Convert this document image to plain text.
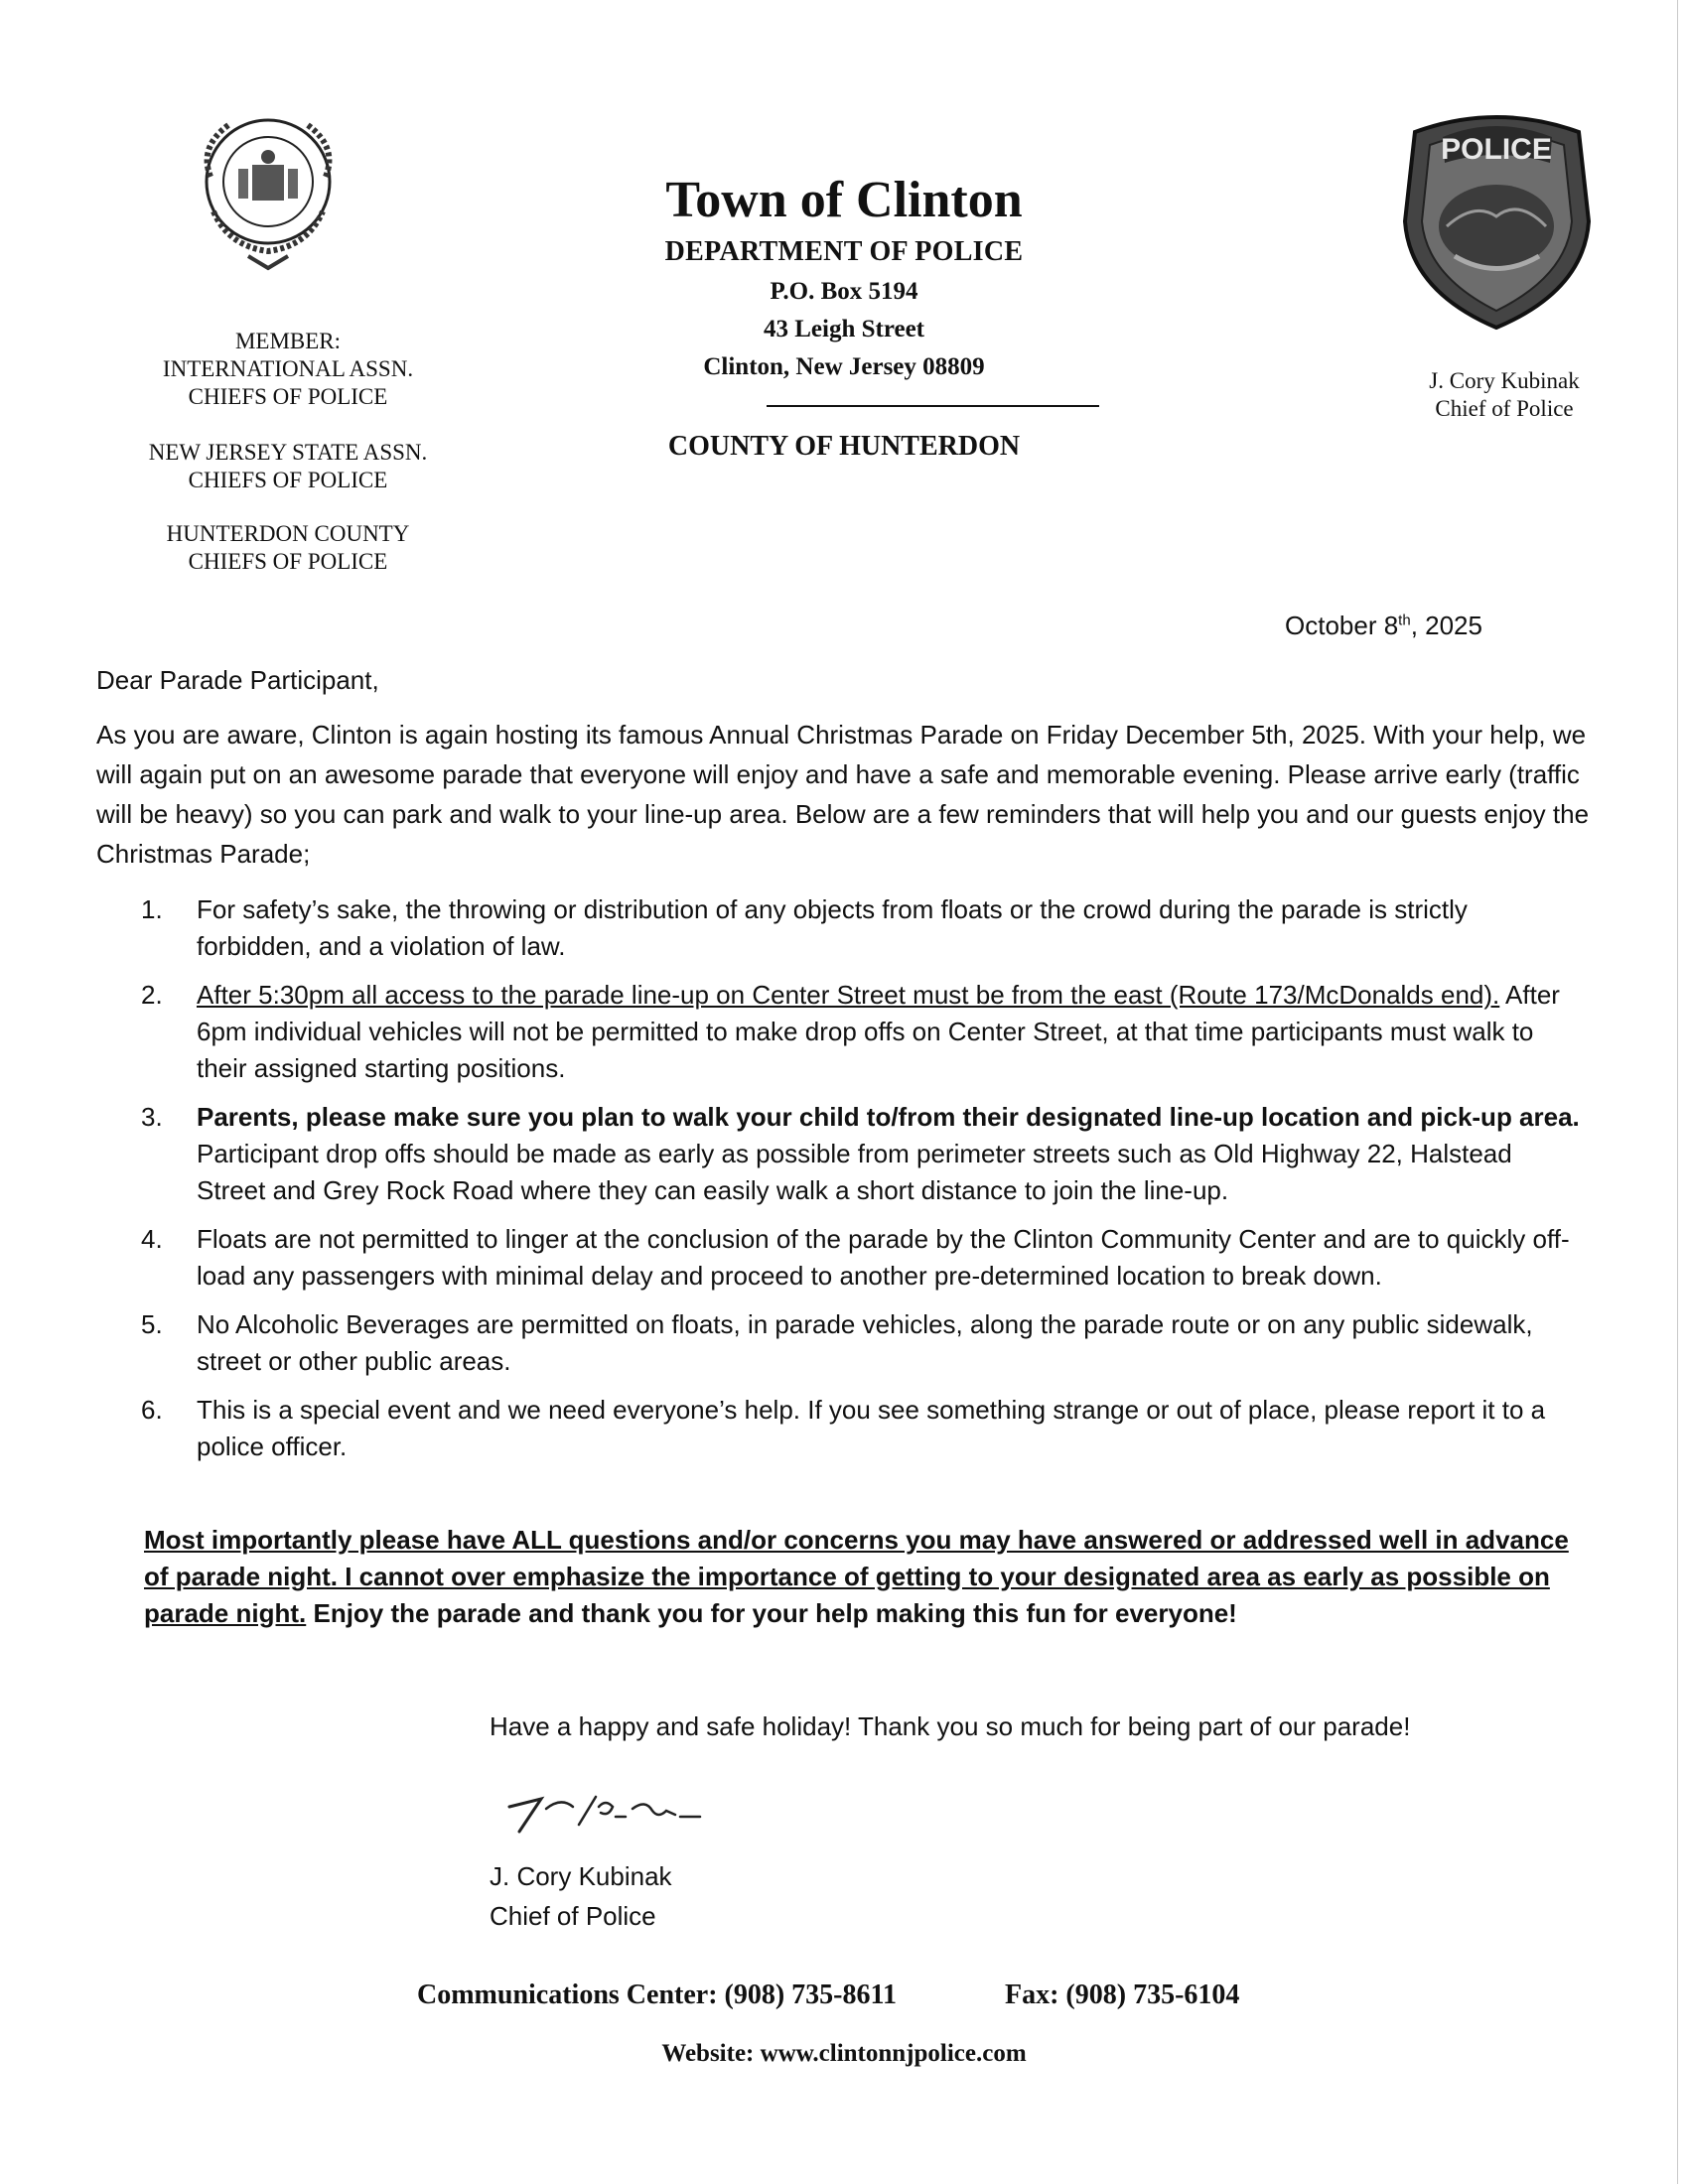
POLICE
Town of Clinton
DEPARTMENT OF POLICE
P.O. Box 5194
43 Leigh Street
Clinton, New Jersey 08809
COUNTY OF HUNTERDON
MEMBER:
INTERNATIONAL ASSN.
CHIEFS OF POLICE
NEW JERSEY STATE ASSN.
CHIEFS OF POLICE
HUNTERDON COUNTY
CHIEFS OF POLICE
J. Cory Kubinak
Chief of Police
October 8th, 2025
Dear Parade Participant,
As you are aware, Clinton is again hosting its famous Annual Christmas Parade on Friday December 5th, 2025. With your help, we will again put on an awesome parade that everyone will enjoy and have a safe and memorable evening. Please arrive early (traffic will be heavy) so you can park and walk to your line-up area. Below are a few reminders that will help you and our guests enjoy the Christmas Parade;
1. For safety’s sake, the throwing or distribution of any objects from floats or the crowd during the parade is strictly forbidden, and a violation of law.
2. After 5:30pm all access to the parade line-up on Center Street must be from the east (Route 173/McDonalds end). After 6pm individual vehicles will not be permitted to make drop offs on Center Street, at that time participants must walk to their assigned starting positions.
3. Parents, please make sure you plan to walk your child to/from their designated line-up location and pick-up area. Participant drop offs should be made as early as possible from perimeter streets such as Old Highway 22, Halstead Street and Grey Rock Road where they can easily walk a short distance to join the line-up.
4. Floats are not permitted to linger at the conclusion of the parade by the Clinton Community Center and are to quickly off-load any passengers with minimal delay and proceed to another pre-determined location to break down.
5. No Alcoholic Beverages are permitted on floats, in parade vehicles, along the parade route or on any public sidewalk, street or other public areas.
6. This is a special event and we need everyone’s help. If you see something strange or out of place, please report it to a police officer.
Most importantly please have ALL questions and/or concerns you may have answered or addressed well in advance of parade night. I cannot over emphasize the importance of getting to your designated area as early as possible on parade night. Enjoy the parade and thank you for your help making this fun for everyone!
Have a happy and safe holiday! Thank you so much for being part of our parade!
J. Cory Kubinak
Chief of Police
Communications Center: (908) 735-8611	Fax: (908) 735-6104
Website: www.clintonnjpolice.com
